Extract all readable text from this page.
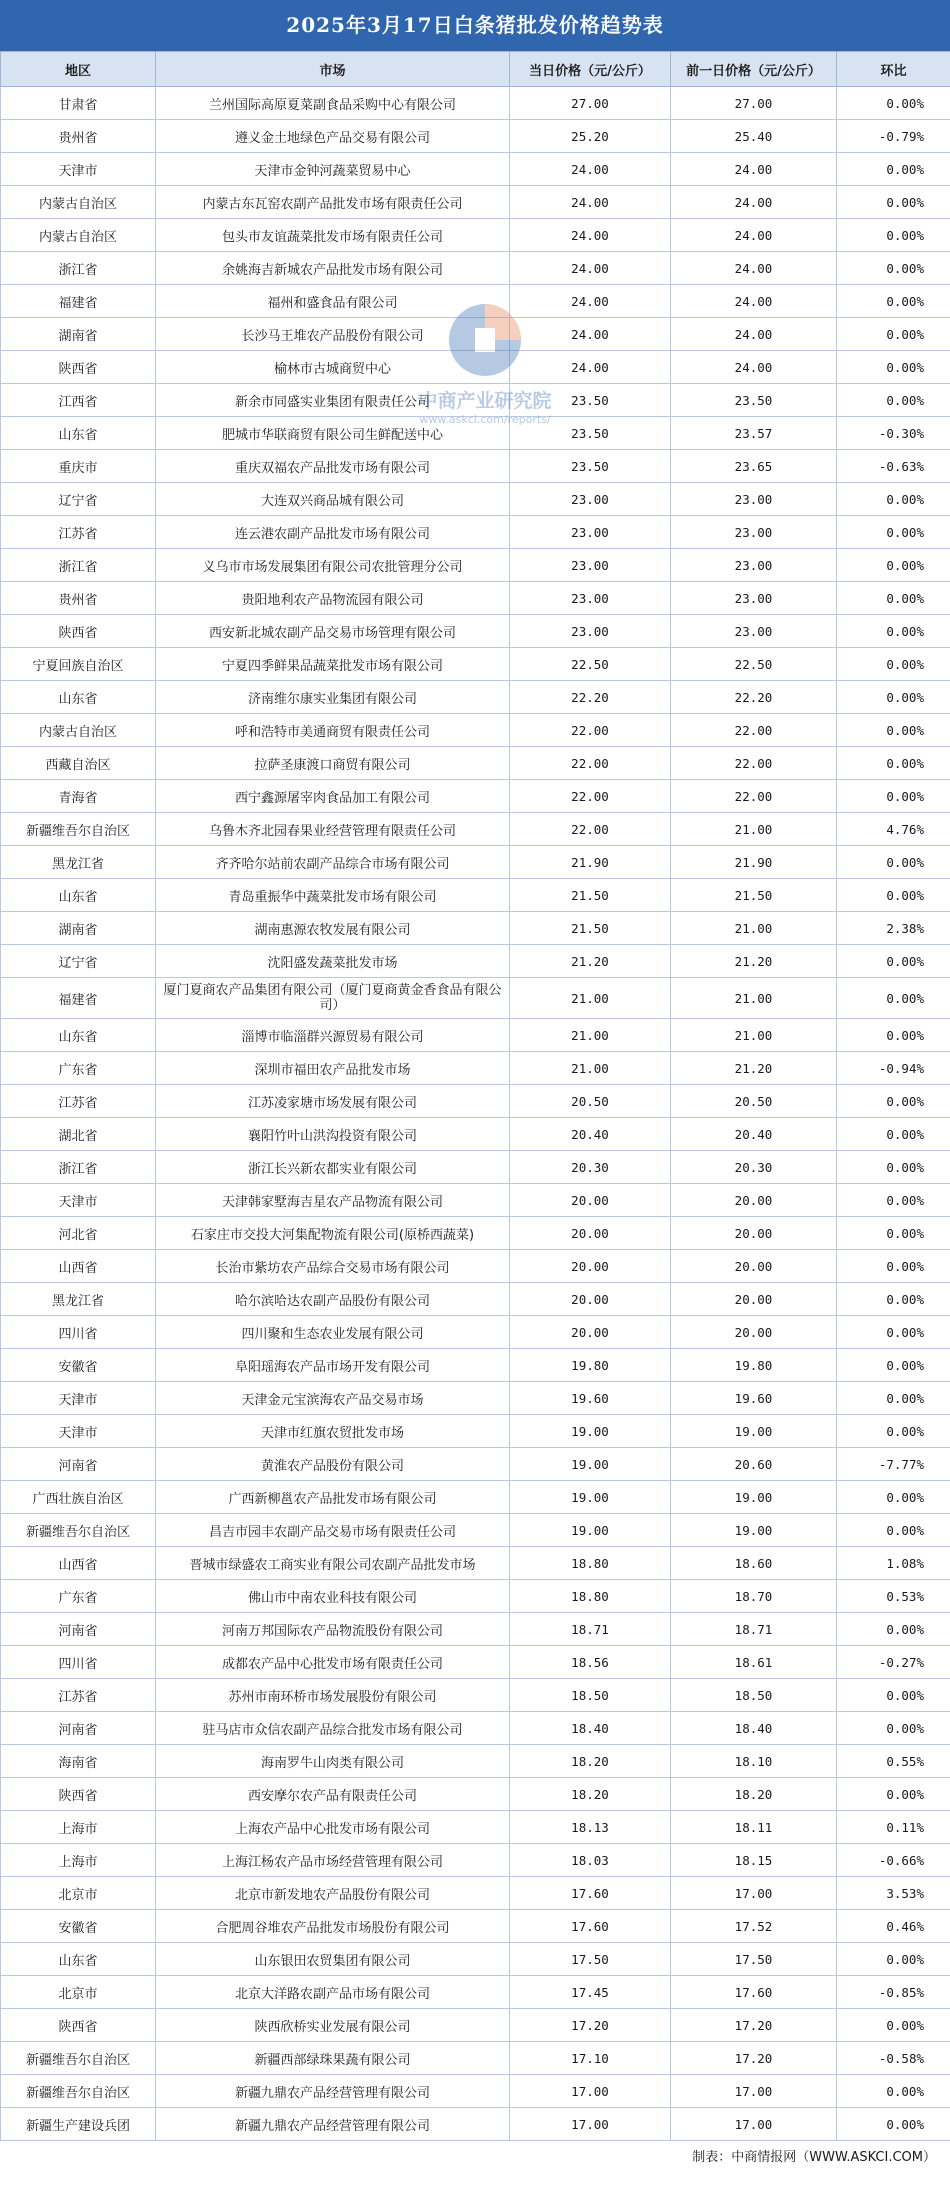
2025年3月17日白条猪批发价格趋势表
地区	市场	当日价格（元/公斤）	前一日价格（元/公斤）	环比
甘肃省	兰州国际高原夏菜副食品采购中心有限公司	27.00	27.00	0.00%
贵州省	遵义金土地绿色产品交易有限公司	25.20	25.40	-0.79%
天津市	天津市金钟河蔬菜贸易中心	24.00	24.00	0.00%
内蒙古自治区	内蒙古东瓦窑农副产品批发市场有限责任公司	24.00	24.00	0.00%
内蒙古自治区	包头市友谊蔬菜批发市场有限责任公司	24.00	24.00	0.00%
浙江省	余姚海吉新城农产品批发市场有限公司	24.00	24.00	0.00%
福建省	福州和盛食品有限公司	24.00	24.00	0.00%
湖南省	长沙马王堆农产品股份有限公司	24.00	24.00	0.00%
陕西省	榆林市古城商贸中心	24.00	24.00	0.00%
江西省	新余市同盛实业集团有限责任公司	23.50	23.50	0.00%
山东省	肥城市华联商贸有限公司生鲜配送中心	23.50	23.57	-0.30%
重庆市	重庆双福农产品批发市场有限公司	23.50	23.65	-0.63%
辽宁省	大连双兴商品城有限公司	23.00	23.00	0.00%
江苏省	连云港农副产品批发市场有限公司	23.00	23.00	0.00%
浙江省	义乌市市场发展集团有限公司农批管理分公司	23.00	23.00	0.00%
贵州省	贵阳地利农产品物流园有限公司	23.00	23.00	0.00%
陕西省	西安新北城农副产品交易市场管理有限公司	23.00	23.00	0.00%
宁夏回族自治区	宁夏四季鲜果品蔬菜批发市场有限公司	22.50	22.50	0.00%
山东省	济南维尔康实业集团有限公司	22.20	22.20	0.00%
内蒙古自治区	呼和浩特市美通商贸有限责任公司	22.00	22.00	0.00%
西藏自治区	拉萨圣康渡口商贸有限公司	22.00	22.00	0.00%
青海省	西宁鑫源屠宰肉食品加工有限公司	22.00	22.00	0.00%
新疆维吾尔自治区	乌鲁木齐北园春果业经营管理有限责任公司	22.00	21.00	4.76%
黑龙江省	齐齐哈尔站前农副产品综合市场有限公司	21.90	21.90	0.00%
山东省	青岛重振华中蔬菜批发市场有限公司	21.50	21.50	0.00%
湖南省	湖南惠源农牧发展有限公司	21.50	21.00	2.38%
辽宁省	沈阳盛发蔬菜批发市场	21.20	21.20	0.00%
福建省	厦门夏商农产品集团有限公司（厦门夏商黄金香食品有限公司）	21.00	21.00	0.00%
山东省	淄博市临淄群兴源贸易有限公司	21.00	21.00	0.00%
广东省	深圳市福田农产品批发市场	21.00	21.20	-0.94%
江苏省	江苏凌家塘市场发展有限公司	20.50	20.50	0.00%
湖北省	襄阳竹叶山洪沟投资有限公司	20.40	20.40	0.00%
浙江省	浙江长兴新农都实业有限公司	20.30	20.30	0.00%
天津市	天津韩家墅海吉星农产品物流有限公司	20.00	20.00	0.00%
河北省	石家庄市交投大河集配物流有限公司(原桥西蔬菜)	20.00	20.00	0.00%
山西省	长治市紫坊农产品综合交易市场有限公司	20.00	20.00	0.00%
黑龙江省	哈尔滨哈达农副产品股份有限公司	20.00	20.00	0.00%
四川省	四川聚和生态农业发展有限公司	20.00	20.00	0.00%
安徽省	阜阳瑶海农产品市场开发有限公司	19.80	19.80	0.00%
天津市	天津金元宝滨海农产品交易市场	19.60	19.60	0.00%
天津市	天津市红旗农贸批发市场	19.00	19.00	0.00%
河南省	黄淮农产品股份有限公司	19.00	20.60	-7.77%
广西壮族自治区	广西新柳邕农产品批发市场有限公司	19.00	19.00	0.00%
新疆维吾尔自治区	昌吉市园丰农副产品交易市场有限责任公司	19.00	19.00	0.00%
山西省	晋城市绿盛农工商实业有限公司农副产品批发市场	18.80	18.60	1.08%
广东省	佛山市中南农业科技有限公司	18.80	18.70	0.53%
河南省	河南万邦国际农产品物流股份有限公司	18.71	18.71	0.00%
四川省	成都农产品中心批发市场有限责任公司	18.56	18.61	-0.27%
江苏省	苏州市南环桥市场发展股份有限公司	18.50	18.50	0.00%
河南省	驻马店市众信农副产品综合批发市场有限公司	18.40	18.40	0.00%
海南省	海南罗牛山肉类有限公司	18.20	18.10	0.55%
陕西省	西安摩尔农产品有限责任公司	18.20	18.20	0.00%
上海市	上海农产品中心批发市场有限公司	18.13	18.11	0.11%
上海市	上海江杨农产品市场经营管理有限公司	18.03	18.15	-0.66%
北京市	北京市新发地农产品股份有限公司	17.60	17.00	3.53%
安徽省	合肥周谷堆农产品批发市场股份有限公司	17.60	17.52	0.46%
山东省	山东银田农贸集团有限公司	17.50	17.50	0.00%
北京市	北京大洋路农副产品市场有限公司	17.45	17.60	-0.85%
陕西省	陕西欣桥实业发展有限公司	17.20	17.20	0.00%
新疆维吾尔自治区	新疆西部绿珠果蔬有限公司	17.10	17.20	-0.58%
新疆维吾尔自治区	新疆九鼎农产品经营管理有限公司	17.00	17.00	0.00%
新疆生产建设兵团	新疆九鼎农产品经营管理有限公司	17.00	17.00	0.00%
制表：中商情报网（WWW.ASKCI.COM）
中商产业研究院
www.askci.com/reports/
